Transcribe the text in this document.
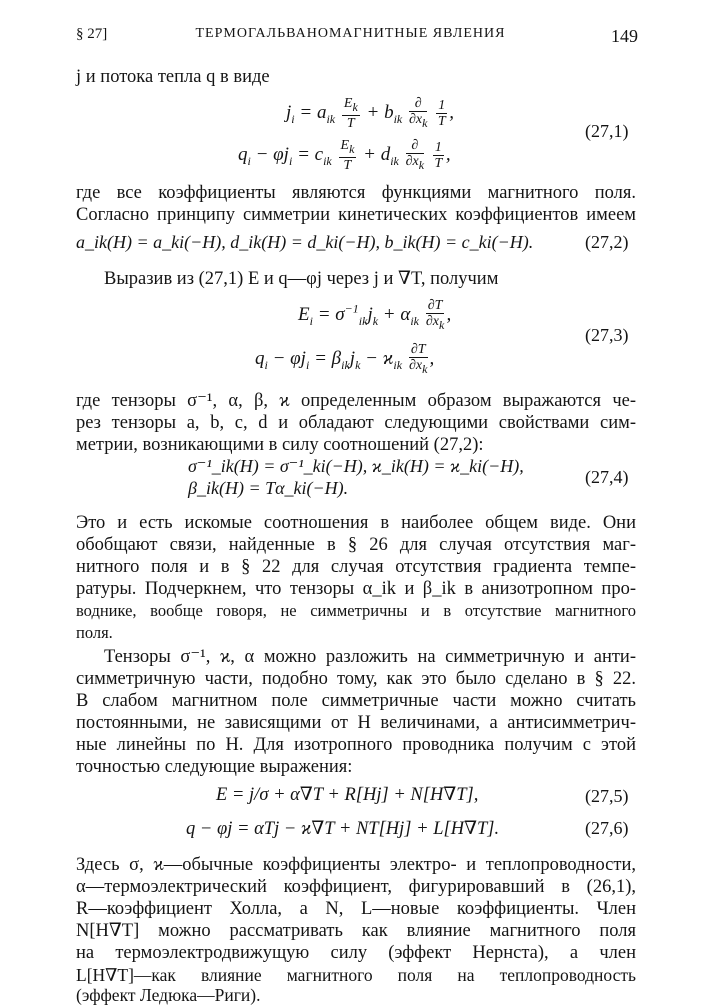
§ 27]	ТЕРМОГАЛЬВАНОМАГНИТНЫЕ ЯВЛЕНИЯ	149
j и потока тепла q в виде
$j_i = a_{ik} \frac{E_k}{T} + b_{ik} \frac{\partial}{\partial x_k}$
$\frac{1}{T}$ ,
$q_i - \varphi j_i = c_{ik} \frac{E_k}{T} + d_{ik} \frac{\partial}{\partial x_k}$
$\frac{1}{T}$ ,
(27,1)
где все коэффициенты являются функциями магнитного поля.
Согласно принципу симметрии кинетических коэффициентов имеем
a_ik(H) = a_ki(−H), d_ik(H) = d_ki(−H), b_ik(H) = c_ki(−H).	(27,2)
Выразив из (27,1) E и q—φj через j и ∇T, получим
$E_i = \sigma^{-1}_{ik}j_k + \alpha_{ik} \frac{\partial T}{\partial x_k}$ ,
$q_i - \varphi j_i = \beta_{ik}j_k - ϰ_{ik} \frac{\partial T}{\partial x_k}$ ,
(27,3)
где тензоры σ⁻¹, α, β, ϰ определенным образом выражаются че-
рез тензоры a, b, c, d и обладают следующими свойствами сим-
метрии, возникающими в силу соотношений (27,2):
σ⁻¹_ik(H) = σ⁻¹_ki(−H), ϰ_ik(H) = ϰ_ki(−H),
β_ik(H) = Tα_ki(−H).
(27,4)
Это и есть искомые соотношения в наиболее общем виде. Они
обобщают связи, найденные в § 26 для случая отсутствия маг-
нитного поля и в § 22 для случая отсутствия градиента темпе-
ратуры. Подчеркнем, что тензоры α_ik и β_ik в анизотропном про-
воднике, вообще говоря, не симметричны и в отсутствие магнитного
поля.
Тензоры σ⁻¹, ϰ, α можно разложить на симметричную и анти-
симметричную части, подобно тому, как это было сделано в § 22.
В слабом магнитном поле симметричные части можно считать
постоянными, не зависящими от H величинами, а антисимметрич-
ные линейны по H. Для изотропного проводника получим с этой
точностью следующие выражения:
E = j/σ + α∇T + R[Hj] + N[H∇T],	(27,5)
q − φj = αTj − ϰ∇T + NT[Hj] + L[H∇T].	(27,6)
Здесь σ, ϰ—обычные коэффициенты электро- и теплопроводности,
α—термоэлектрический коэффициент, фигурировавший в (26,1),
R—коэффициент Холла, а N, L—новые коэффициенты. Член
N[H∇T] можно рассматривать как влияние магнитного поля
на термоэлектродвижущую силу (эффект Нернста), а член
L[H∇T]—как влияние магнитного поля на теплопроводность
(эффект Ледюка—Риги).
